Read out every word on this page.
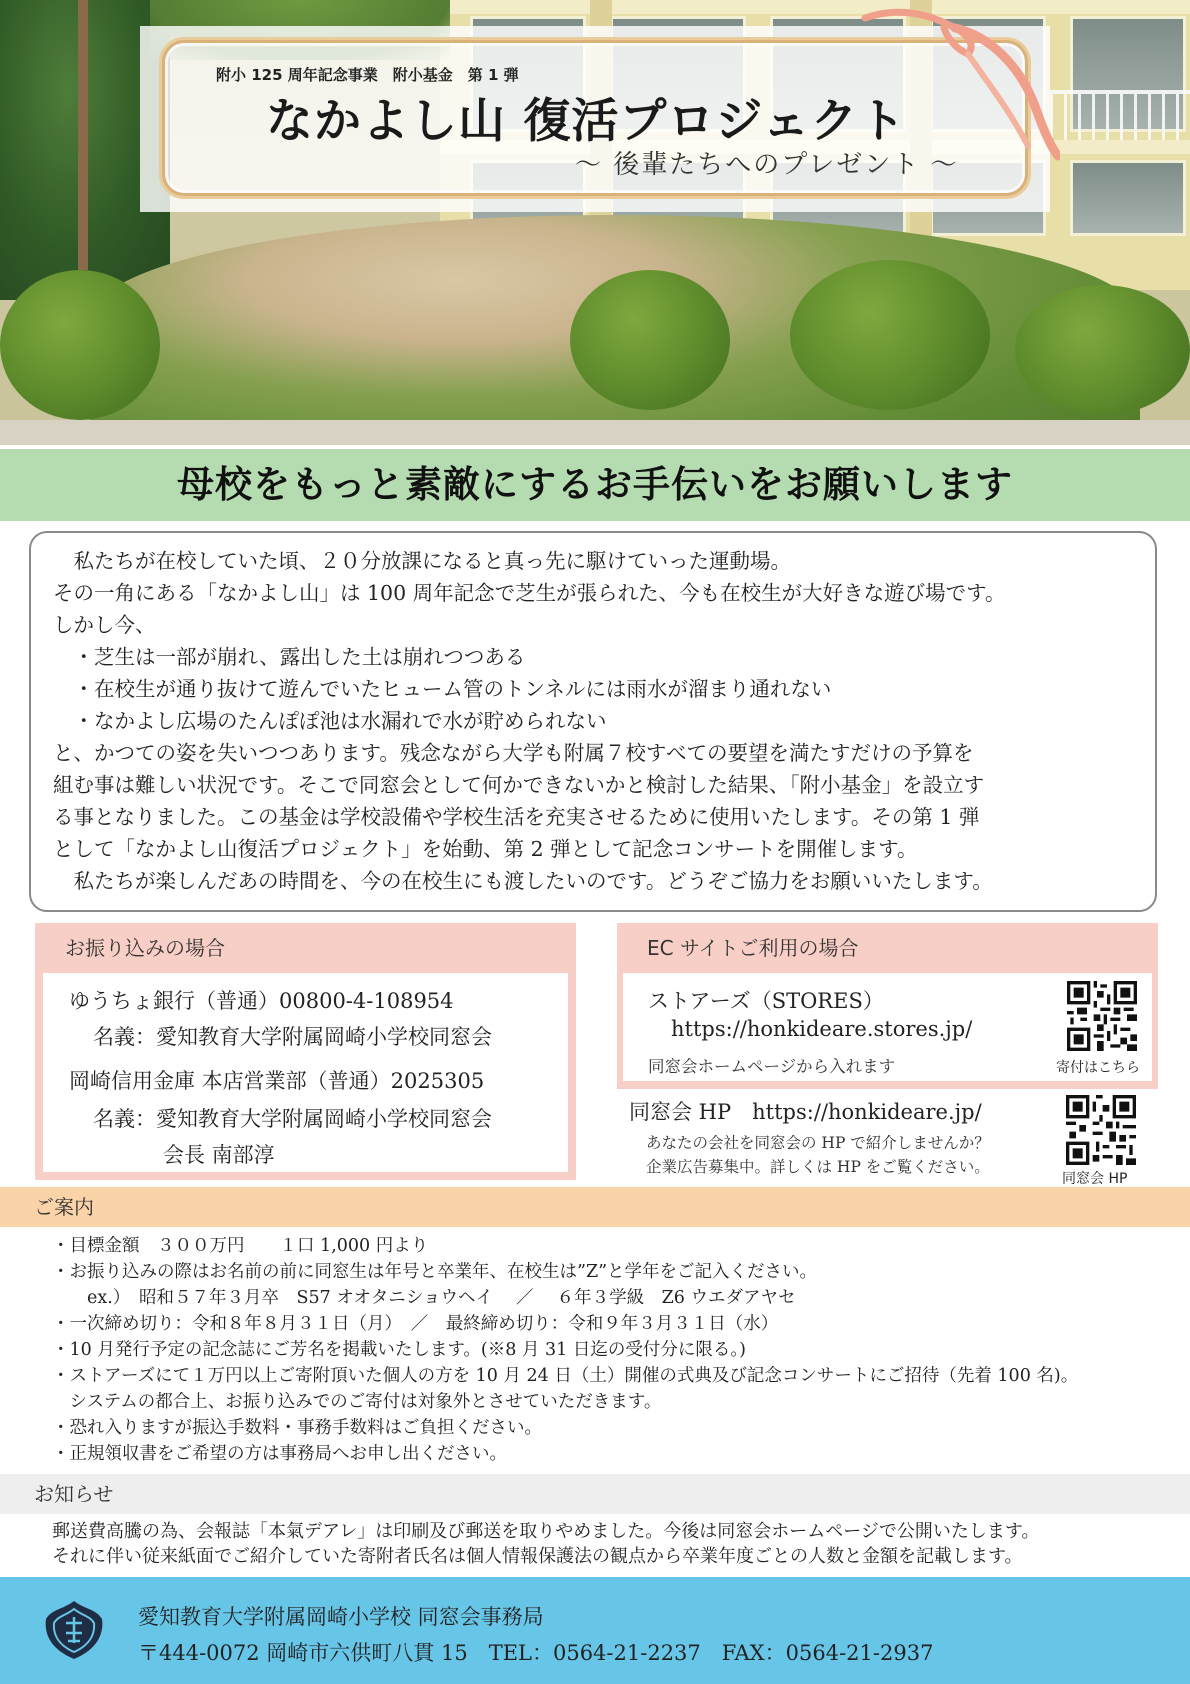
附小 125 周年記念事業　附小基金　第 1 弾
なかよし山 復活プロジェクト
～ 後輩たちへのプレゼント ～
母校をもっと素敵にするお手伝いをお願いします

　私たちが在校していた頃、２０分放課になると真っ先に駆けていった運動場。

その一角にある「なかよし山」は 100 周年記念で芝生が張られた、今も在校生が大好きな遊び場です。

しかし今、

　・芝生は一部が崩れ、露出した土は崩れつつある

　・在校生が通り抜けて遊んでいたヒューム管のトンネルには雨水が溜まり通れない

　・なかよし広場のたんぽぽ池は水漏れで水が貯められない

と、かつての姿を失いつつあります。残念ながら大学も附属７校すべての要望を満たすだけの予算を

組む事は難しい状況です。そこで同窓会として何かできないかと検討した結果、「附小基金」を設立す

る事となりました。この基金は学校設備や学校生活を充実させるために使用いたします。その第 1 弾

として「なかよし山復活プロジェクト」を始動、第 2 弾として記念コンサートを開催します。

　私たちが楽しんだあの時間を、今の在校生にも渡したいのです。どうぞご協力をお願いいたします。

お振り込みの場合
ゆうちょ銀行（普通）00800-4-108954
名義：愛知教育大学附属岡崎小学校同窓会
岡崎信用金庫 本店営業部（普通）2025305
名義：愛知教育大学附属岡崎小学校同窓会
会長 南部淳
EC サイトご利用の場合
ストアーズ（STORES）
https://honkideare.stores.jp/
同窓会ホームページから入れます	寄付はこちら
同窓会 HP　https://honkideare.jp/
あなたの会社を同窓会の HP で紹介しませんか？
企業広告募集中。詳しくは HP をご覧ください。
同窓会 HP
ご案内
・目標金額　３００万円　　１口 1,000 円より
・お振り込みの際はお名前の前に同窓生は年号と卒業年、在校生は”Z”と学年をご記入ください。
　　ex.）　昭和５７年３月卒　S57 オオタニショウヘイ　 ／　 ６年３学級　Z6 ウエダアヤセ
・一次締め切り：令和８年８月３１日（月）　／　最終締め切り：令和９年３月３１日（水）
・10 月発行予定の記念誌にご芳名を掲載いたします。(※8 月 31 日迄の受付分に限る。)
・ストアーズにて１万円以上ご寄附頂いた個人の方を 10 月 24 日（土）開催の式典及び記念コンサートにご招待（先着 100 名)。
　システムの都合上、お振り込みでのご寄付は対象外とさせていただきます。
・恐れ入りますが振込手数料・事務手数料はご負担ください。
・正規領収書をご希望の方は事務局へお申し出ください。
お知らせ
郵送費高騰の為、会報誌「本氣デアレ」は印刷及び郵送を取りやめました。今後は同窓会ホームページで公開いたします。
それに伴い従来紙面でご紹介していた寄附者氏名は個人情報保護法の観点から卒業年度ごとの人数と金額を記載します。
愛知教育大学附属岡崎小学校 同窓会事務局
〒444-0072 岡崎市六供町八貫 15　TEL：0564-21-2237　FAX：0564-21-2937
